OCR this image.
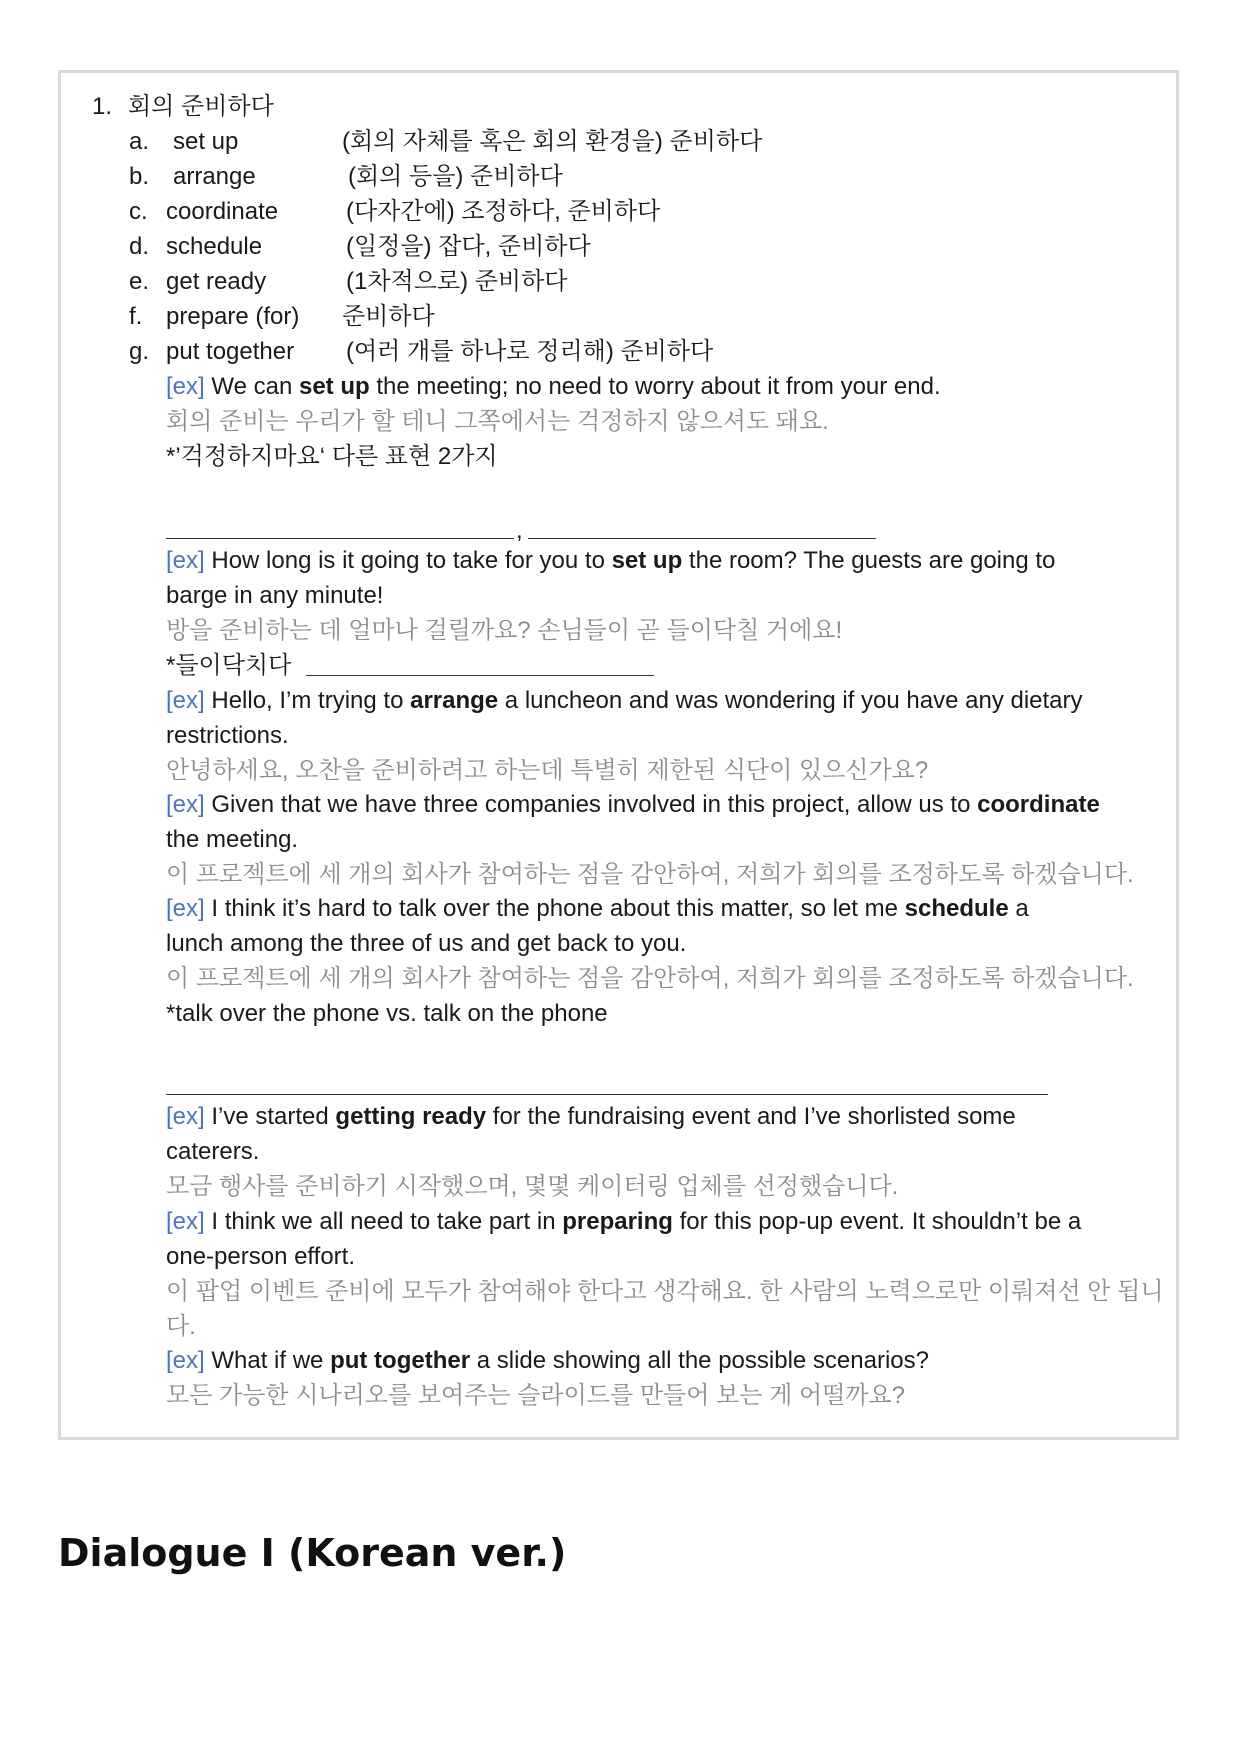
1. 회의 준비하다
a. set up	(회의 자체를 혹은 회의 환경을) 준비하다
b. arrange	(회의 등을) 준비하다
c. coordinate	(다자간에) 조정하다, 준비하다
d. schedule	(일정을) 잡다, 준비하다
e. get ready	(1차적으로) 준비하다
f. prepare (for) 준비하다
g. put together (여러 개를 하나로 정리해) 준비하다
[ex] We can set up the meeting; no need to worry about it from your end.
회의 준비는 우리가 할 테니 그쪽에서는 걱정하지 않으셔도 돼요.
*’걱정하지마요‘ 다른 표현 2가지
,
[ex] How long is it going to take for you to set up the room? The guests are going to
barge in any minute!
방을 준비하는 데 얼마나 걸릴까요? 손님들이 곧 들이닥칠 거에요!
*들이닥치다
[ex] Hello, I’m trying to arrange a luncheon and was wondering if you have any dietary
restrictions.
안녕하세요, 오찬을 준비하려고 하는데 특별히 제한된 식단이 있으신가요?
[ex] Given that we have three companies involved in this project, allow us to coordinate
the meeting.
이 프로젝트에 세 개의 회사가 참여하는 점을 감안하여, 저희가 회의를 조정하도록 하겠습니다.
[ex] I think it’s hard to talk over the phone about this matter, so let me schedule a
lunch among the three of us and get back to you.
이 프로젝트에 세 개의 회사가 참여하는 점을 감안하여, 저희가 회의를 조정하도록 하겠습니다.
*talk over the phone vs. talk on the phone
[ex] I’ve started getting ready for the fundraising event and I’ve shorlisted some
caterers.
모금 행사를 준비하기 시작했으며, 몇몇 케이터링 업체를 선정했습니다.
[ex] I think we all need to take part in preparing for this pop-up event. It shouldn’t be a
one-person effort.
이 팝업 이벤트 준비에 모두가 참여해야 한다고 생각해요. 한 사람의 노력으로만 이뤄져선 안 됩니
다.
[ex] What if we put together a slide showing all the possible scenarios?
모든 가능한 시나리오를 보여주는 슬라이드를 만들어 보는 게 어떨까요?
Dialogue I (Korean ver.)
